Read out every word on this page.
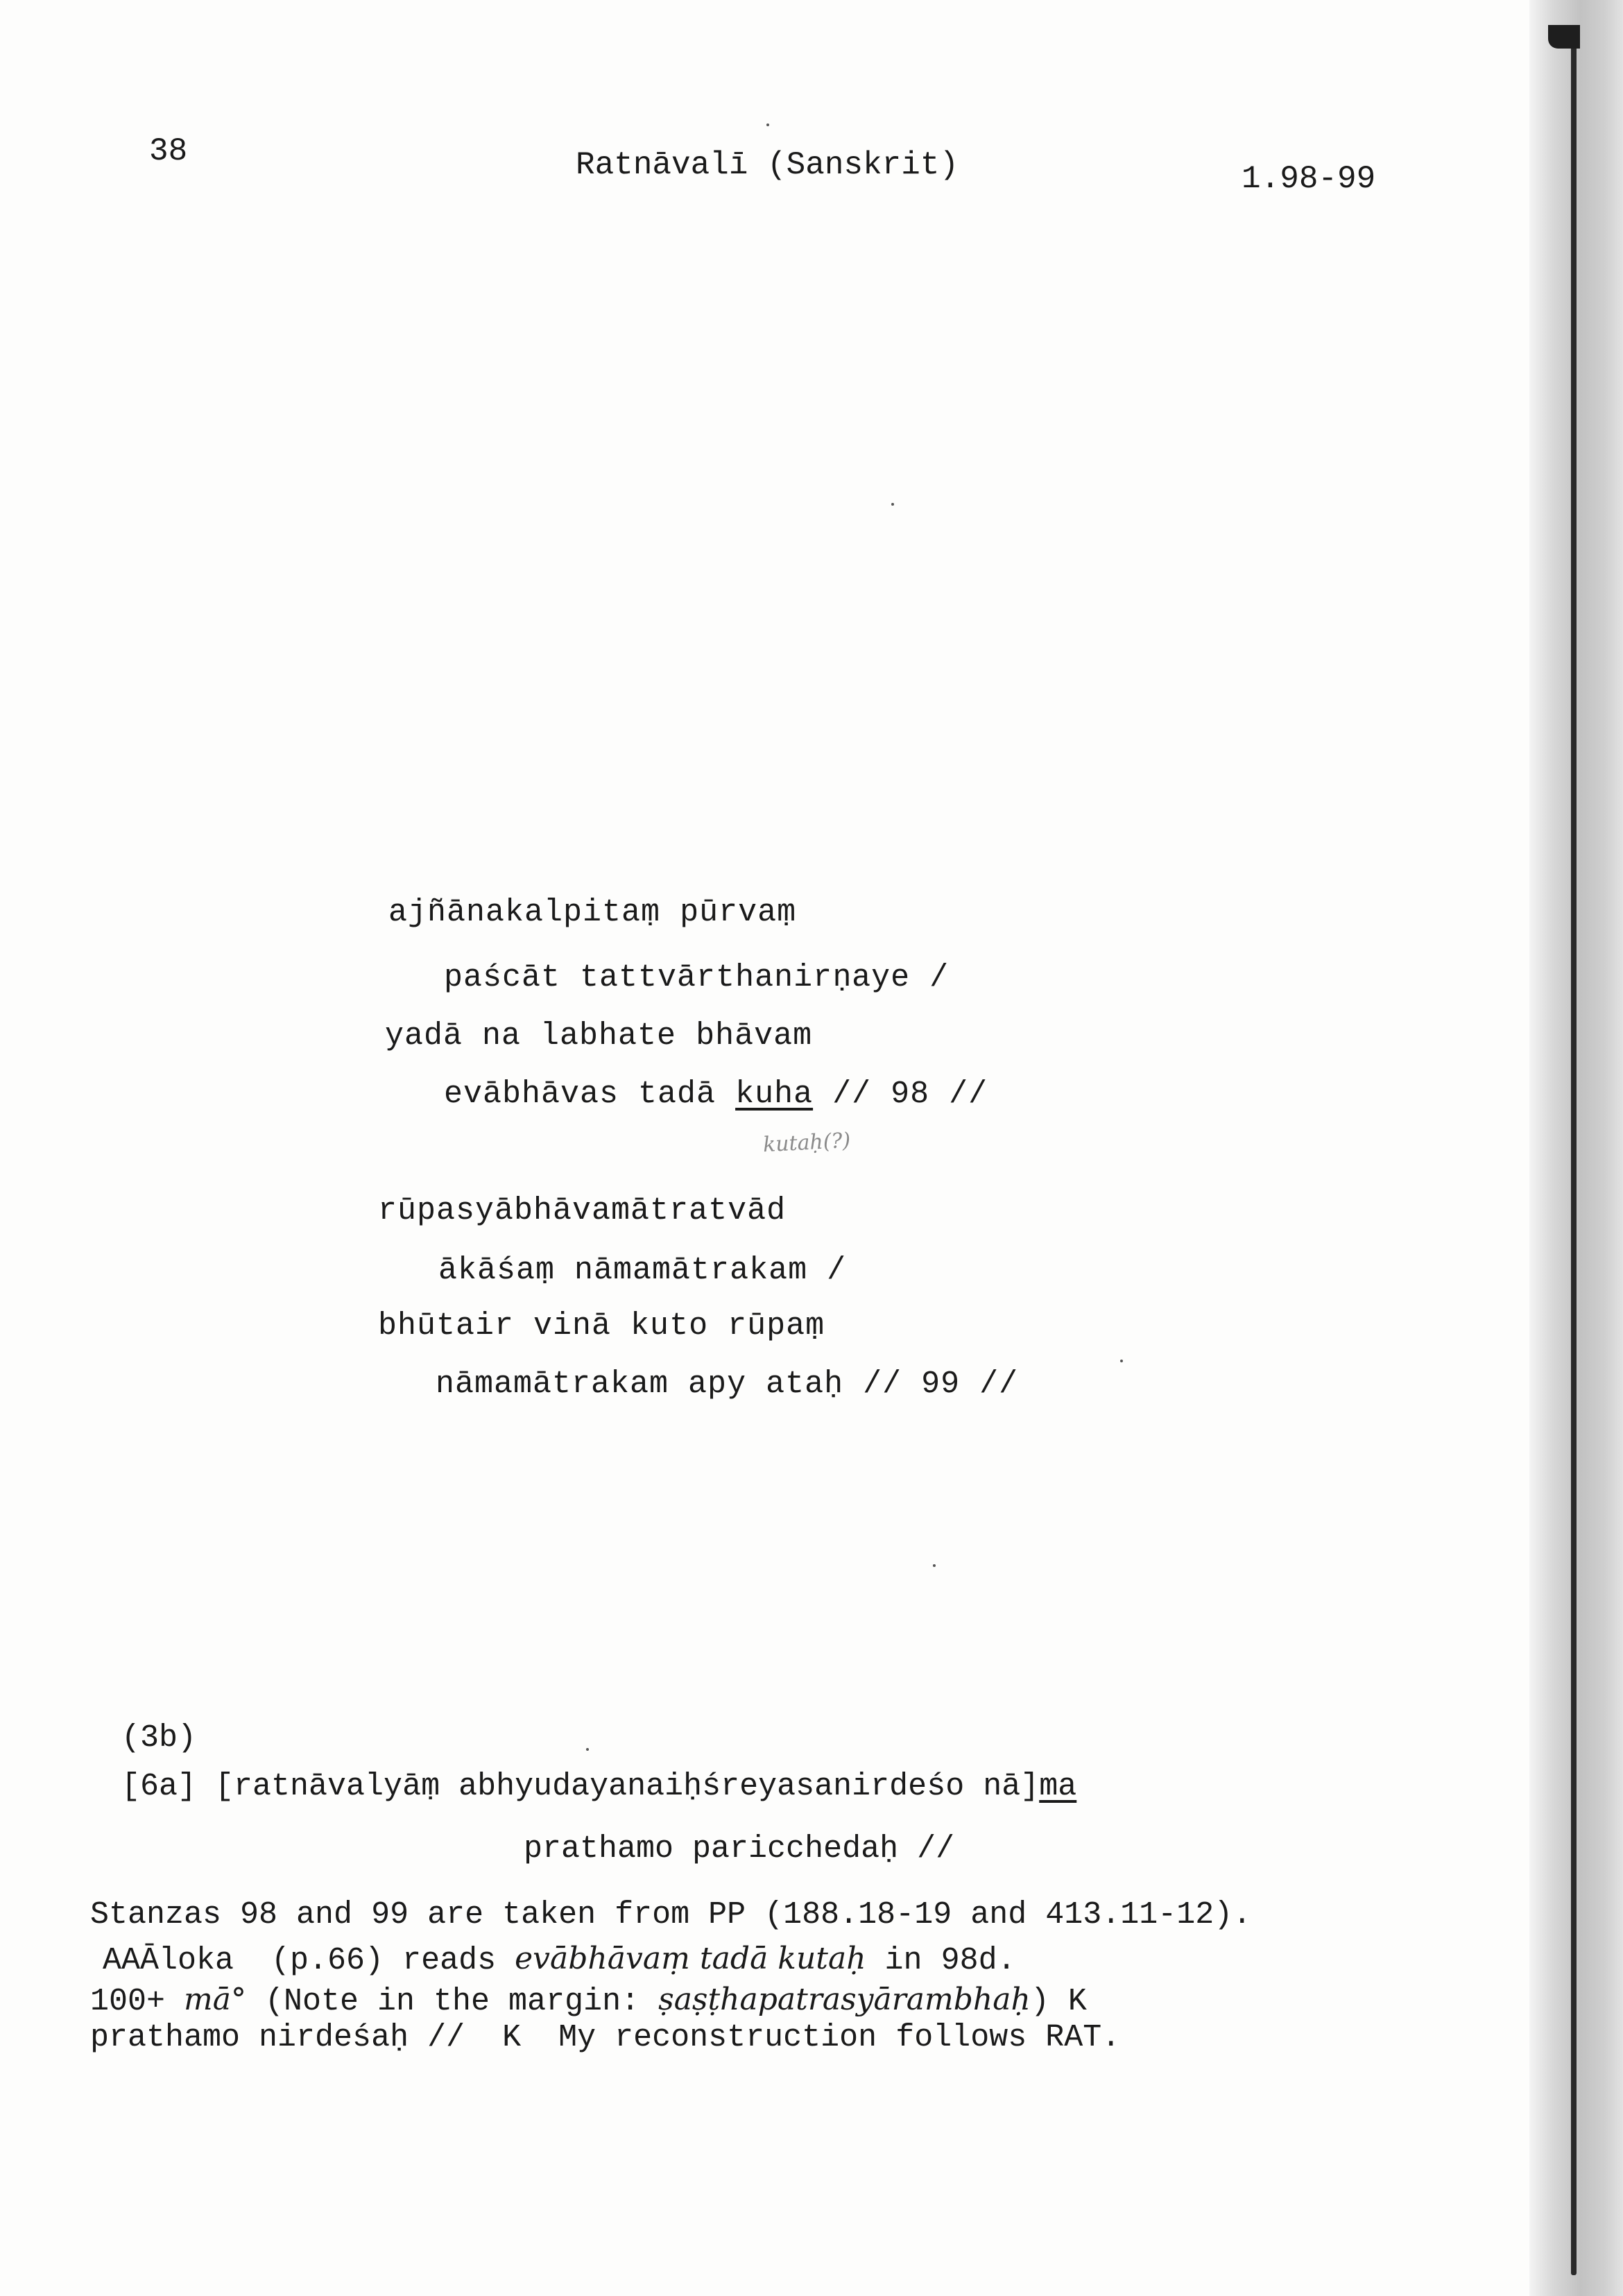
38	Ratnāvalī (Sanskrit)	1.98-99
ajñānakalpitaṃ pūrvaṃ
paścāt tattvārthanirṇaye /
yadā na labhate bhāvam
evābhāvas tadā kuha // 98 //
kutaḥ(?)
rūpasyābhāvamātratvād
ākāśaṃ nāmamātrakam /
bhūtair vinā kuto rūpaṃ
nāmamātrakam apy ataḥ // 99 //
(3b)
[6a] [ratnāvalyāṃ abhyudayanaiḥśreyasanirdeśo nā]ma
prathamo paricchedaḥ //
Stanzas 98 and 99 are taken from PP (188.18-19 and 413.11-12).
AAĀloka  (p.66) reads evābhāvaṃ tadā kutaḥ in 98d.
100+ mā° (Note in the margin: ṣaṣṭhapatrasyārambhaḥ) K
prathamo nirdeśaḥ //  K  My reconstruction follows RAT.
